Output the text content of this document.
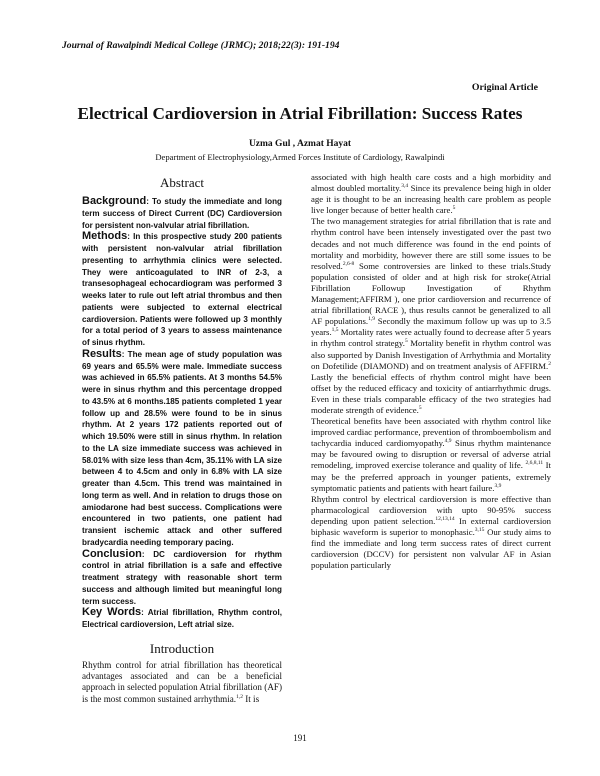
Journal of Rawalpindi Medical College (JRMC); 2018;22(3): 191-194
Original Article
Electrical Cardioversion in Atrial Fibrillation: Success Rates
Uzma Gul , Azmat Hayat
Department of Electrophysiology,Armed Forces Institute of Cardiology, Rawalpindi
Abstract

Background: To study the immediate and long term success of Direct Current (DC) Cardioversion for persistent non-valvular atrial fibrillation.

Methods: In this prospective study 200 patients with persistent non-valvular atrial fibrillation presenting to arrhythmia clinics were selected. They were anticoagulated to INR of 2-3, a transesophageal echocardiogram was performed 3 weeks later to rule out left atrial thrombus and then patients were subjected to external electrical cardioversion. Patients were followed up 3 monthly for a total period of 3 years to assess maintenance of sinus rhythm.

Results: The mean age of study population was 69 years and 65.5% were male. Immediate success was achieved in 65.5% patients. At 3 months 54.5% were in sinus rhythm and this percentage dropped to 43.5% at 6 months.185 patients completed 1 year follow up and 28.5% were found to be in sinus rhythm. At 2 years 172 patients reported out of which 19.50% were still in sinus rhythm. In relation to the LA size immediate success was achieved in 58.01% with size less than 4cm, 35.11% with LA size between 4 to 4.5cm and only in 6.8% with LA size greater than 4.5cm. This trend was maintained in long term as well. And in relation to drugs those on amiodarone had best success. Complications were encountered in two patients, one patient had transient ischemic attack and other suffered bradycardia needing temporary pacing.

Conclusion: DC cardioversion for rhythm control in atrial fibrillation is a safe and effective treatment strategy with reasonable short term success and although limited but meaningful long term success.

Key Words: Atrial fibrillation, Rhythm control, Electrical cardioversion, Left atrial size.

Introduction

Rhythm control for atrial fibrillation has theoretical advantages associated and can be a beneficial approach in selected population Atrial fibrillation (AF) is the most common sustained arrhythmia.$^{1,2}$ It is

associated with high health care costs and a high morbidity and almost doubled mortality.$^{3,4}$ Since its prevalence being high in older age it is thought to be an increasing health care problem as people live longer because of better health care.$^5$

The two management strategies for atrial fibrillation that is rate and rhythm control have been intensely investigated over the past two decades and not much difference was found in the end points of mortality and morbidity, however there are still some issues to be resolved.$^{2,6-8}$ Some controversies are linked to these trials.Study population consisted of older and at high risk for stroke(Atrial Fibrillation Followup Investigation of Rhythm Management;AFFIRM ), one prior cardioversion and recurrence of atrial fibrillation( RACE ), thus results cannot be generalized to all AF populations.$^{1,9}$ Secondly the maximum follow up was up to 3.5 years.$^{1,5}$ Mortality rates were actually found to decrease after 5 years in rhythm control strategy.$^5$ Mortality benefit in rhythm control was also supported by Danish Investigation of Arrhythmia and Mortality on Dofetilide (DIAMOND) and on treatment analysis of AFFIRM.$^2$ Lastly the beneficial effects of rhythm control might have been offset by the reduced efficacy and toxicity of antiarrhythmic drugs. Even in these trials comparable efficacy of the two strategies had moderate strength of evidence.$^5$

Theoretical benefits have been associated with rhythm control like improved cardiac performance, prevention of thromboembolism and tachycardia induced cardiomyopathy.$^{4,9}$ Sinus rhythm maintenance may be favoured owing to disruption or reversal of adverse atrial remodeling, improved exercise tolerance and quality of life. $^{2,6,8,11}$ It may be the preferred approach in younger patients, extremely symptomatic patients and patients with heart failure.$^{3,9}$

Rhythm control by electrical cardioversion is more effective than pharmacological cardioversion with upto 90-95% success depending upon patient selection.$^{12,13,14}$ In external cardioversion biphasic waveform is superior to monophasic.$^{3,15}$ Our study aims to find the immediate and long term success rates of direct current cardioversion (DCCV) for persistent non valvular AF in Asian population particularly

191
